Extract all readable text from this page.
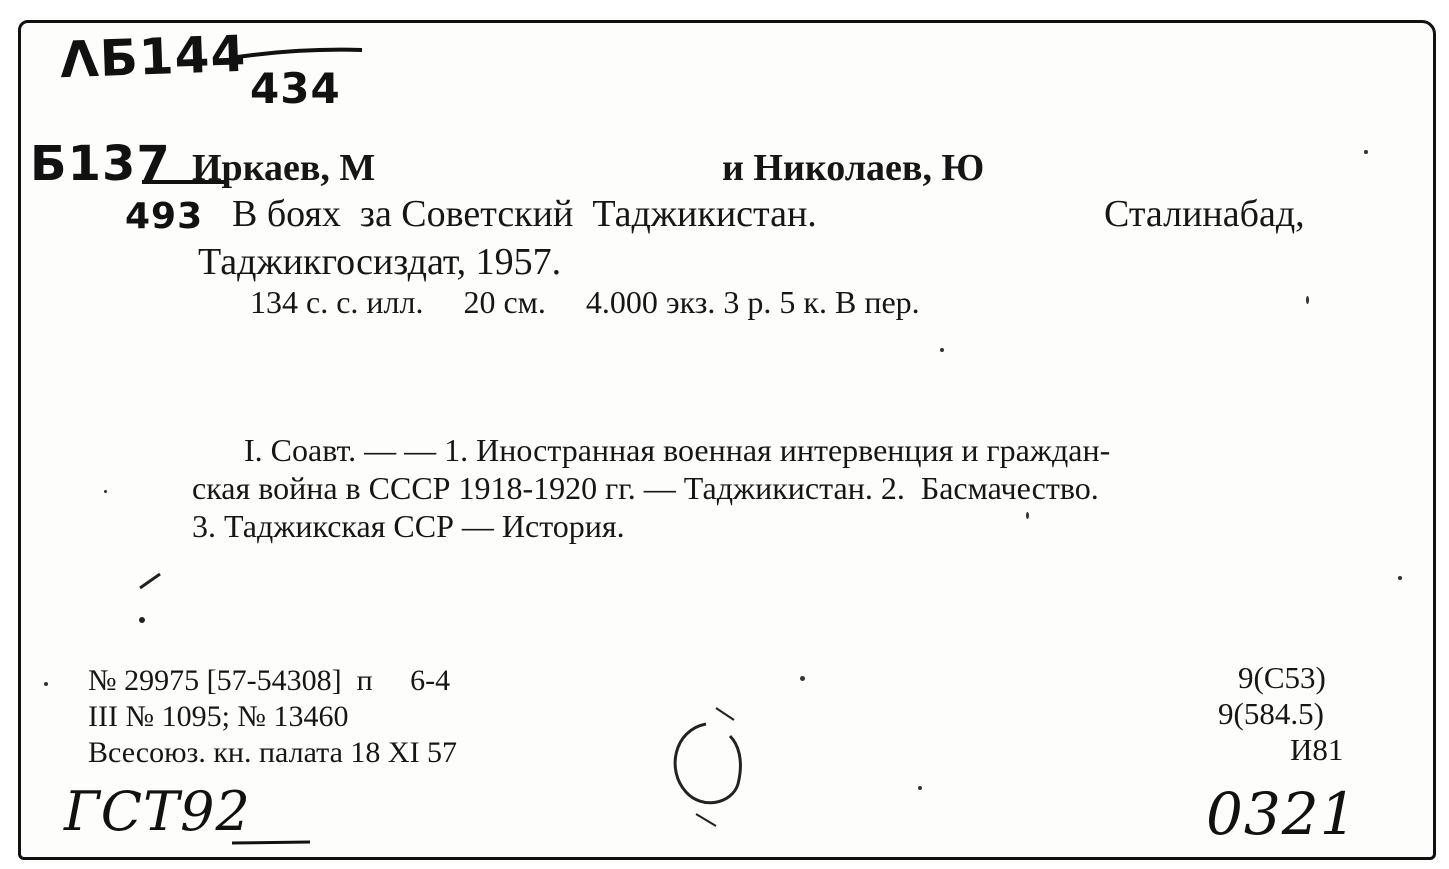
ΛБ144 434
Б137
493
Иркаев, М	и Николаев, Ю
В боях  за Советский  Таджикистан.	Сталинабад,
Таджикгосиздат, 1957.
134 с. с. илл.     20 см.     4.000 экз. 3 р. 5 к. В пер.
I. Соавт. — — 1. Иностранная военная интервенция и граждан-
ская война в СССР 1918-1920 гг. — Таджикистан. 2.  Басмачество.
3. Таджикская ССР — История.
№ 29975 [57-54308]  п     6-4
III № 1095; № 13460
Всесоюз. кн. палата 18 XI 57
9(С53)
9(584.5)
И81
ГСТ92	0321
